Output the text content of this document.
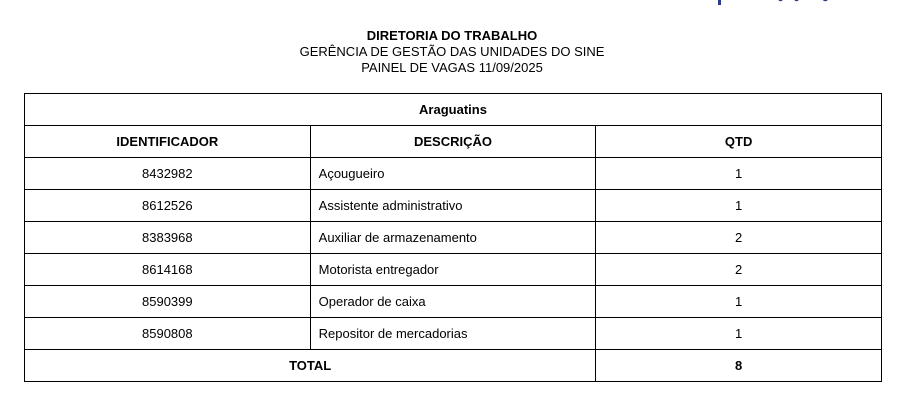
DIRETORIA DO TRABALHO
GERÊNCIA DE GESTÃO DAS UNIDADES DO SINE
PAINEL DE VAGAS 11/09/2025
Araguatins		
IDENTIFICADOR	DESCRIÇÃO	QTD
8432982	Açougueiro	1
8612526	Assistente administrativo	1
8383968	Auxiliar de armazenamento	2
8614168	Motorista entregador	2
8590399	Operador de caixa	1
8590808	Repositor de mercadorias	1
TOTAL		8
